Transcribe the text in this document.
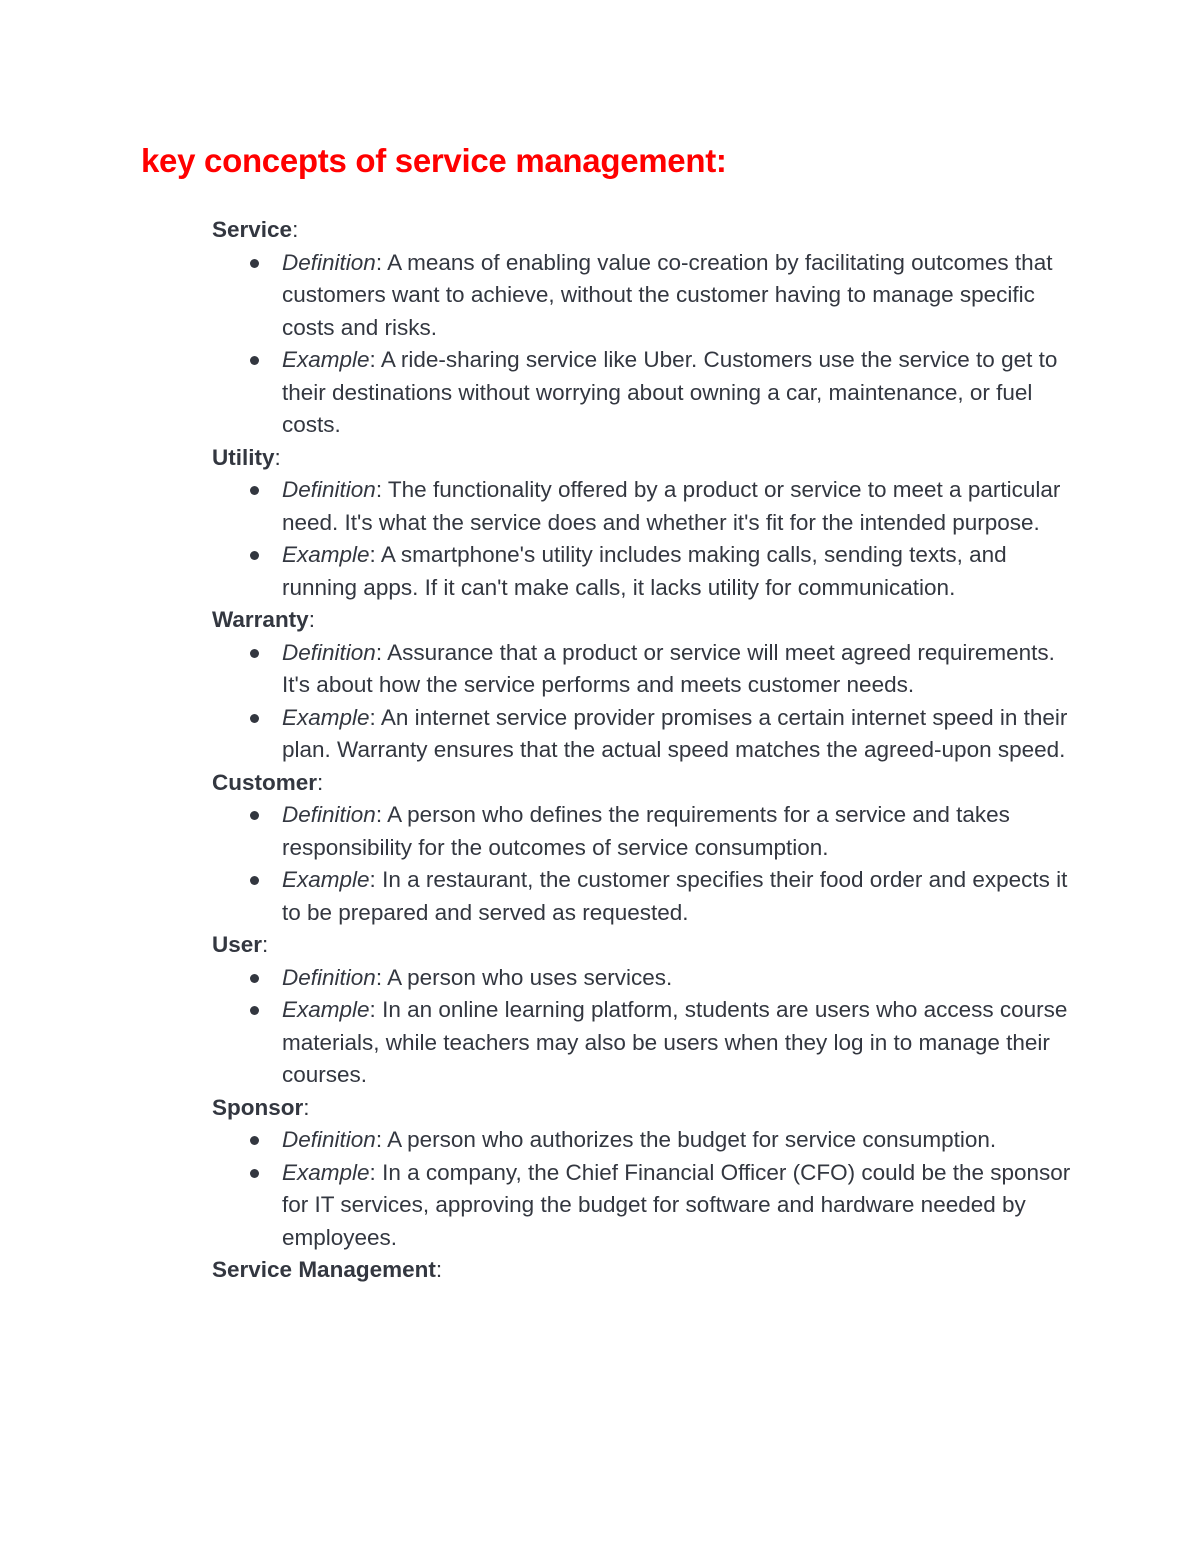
key concepts of service management:

Service:

Definition: A means of enabling value co-creation by facilitating outcomes that customers want to achieve, without the customer having to manage specific costs and risks.
Example: A ride-sharing service like Uber. Customers use the service to get to their destinations without worrying about owning a car, maintenance, or fuel costs.

Utility:

Definition: The functionality offered by a product or service to meet a particular need. It's what the service does and whether it's fit for the intended purpose.
Example: A smartphone's utility includes making calls, sending texts, and running apps. If it can't make calls, it lacks utility for communication.

Warranty:

Definition: Assurance that a product or service will meet agreed requirements. It's about how the service performs and meets customer needs.
Example: An internet service provider promises a certain internet speed in their plan. Warranty ensures that the actual speed matches the agreed-upon speed.

Customer:

Definition: A person who defines the requirements for a service and takes responsibility for the outcomes of service consumption.
Example: In a restaurant, the customer specifies their food order and expects it to be prepared and served as requested.

User:

Definition: A person who uses services.
Example: In an online learning platform, students are users who access course materials, while teachers may also be users when they log in to manage their courses.

Sponsor:

Definition: A person who authorizes the budget for service consumption.
Example: In a company, the Chief Financial Officer (CFO) could be the sponsor for IT services, approving the budget for software and hardware needed by employees.

Service Management:
